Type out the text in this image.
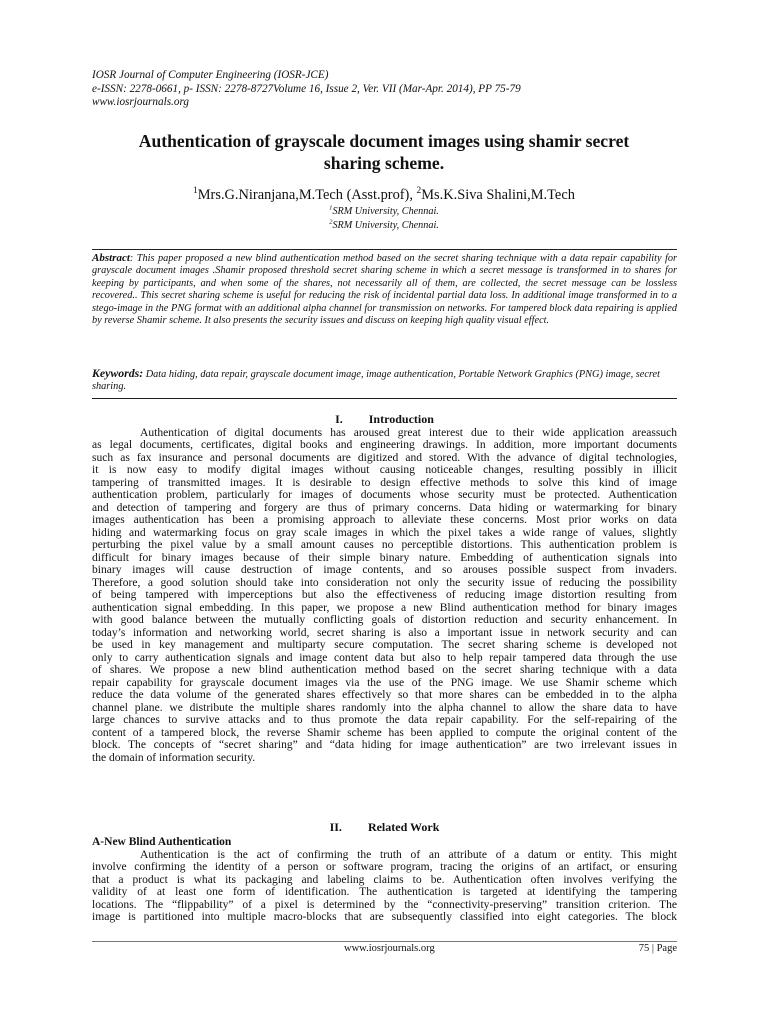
IOSR Journal of Computer Engineering (IOSR-JCE)
e-ISSN: 2278-0661, p- ISSN: 2278-8727Volume 16, Issue 2, Ver. VII (Mar-Apr. 2014), PP 75-79
www.iosrjournals.org
Authentication of grayscale document images using shamir secret
sharing scheme.
$^1$Mrs.G.Niranjana,M.Tech (Asst.prof), $^2$Ms.K.Siva Shalini,M.Tech
$^1$SRM University, Chennai.
$^2$SRM University, Chennai.
Abstract: This paper proposed a new blind authentication method based on the secret sharing technique with a data repair capability for grayscale document images .Shamir proposed threshold secret sharing scheme in which a secret message is transformed in to shares for keeping by participants, and when some of the shares, not necessarily all of them, are collected, the secret message can be lossless recovered.. This secret sharing scheme is useful for reducing the risk of incidental partial data loss. In additional image transformed in to a stego-image in the PNG format with an additional alpha channel for transmission on networks. For tampered block data repairing is applied by reverse Shamir scheme. It also presents the security issues and discuss on keeping high quality visual effect.
Keywords: Data hiding, data repair, grayscale document image, image authentication, Portable Network Graphics (PNG) image, secret sharing.
I. Introduction
Authentication of digital documents has aroused great interest due to their wide application areassuch
as legal documents, certificates, digital books and engineering drawings. In addition, more important documents
such as fax insurance and personal documents are digitized and stored. With the advance of digital technologies,
it is now easy to modify digital images without causing noticeable changes, resulting possibly in illicit
tampering of transmitted images. It is desirable to design effective methods to solve this kind of image
authentication problem, particularly for images of documents whose security must be protected. Authentication
and detection of tampering and forgery are thus of primary concerns. Data hiding or watermarking for binary
images authentication has been a promising approach to alleviate these concerns. Most prior works on data
hiding and watermarking focus on gray scale images in which the pixel takes a wide range of values, slightly
perturbing the pixel value by a small amount causes no perceptible distortions. This authentication problem is
difficult for binary images because of their simple binary nature. Embedding of authentication signals into
binary images will cause destruction of image contents, and so arouses possible suspect from invaders.
Therefore, a good solution should take into consideration not only the security issue of reducing the possibility
of being tampered with imperceptions but also the effectiveness of reducing image distortion resulting from
authentication signal embedding. In this paper, we propose a new Blind authentication method for binary images
with good balance between the mutually conflicting goals of distortion reduction and security enhancement. In
today’s information and networking world, secret sharing is also a important issue in network security and can
be used in key management and multiparty secure computation. The secret sharing scheme is developed not
only to carry authentication signals and image content data but also to help repair tampered data through the use
of shares. We propose a new blind authentication method based on the secret sharing technique with a data
repair capability for grayscale document images via the use of the PNG image. We use Shamir scheme which
reduce the data volume of the generated shares effectively so that more shares can be embedded in to the alpha
channel plane. we distribute the multiple shares randomly into the alpha channel to allow the share data to have
large chances to survive attacks and to thus promote the data repair capability. For the self-repairing of the
content of a tampered block, the reverse Shamir scheme has been applied to compute the original content of the
block. The concepts of “secret sharing” and “data hiding for image authentication” are two irrelevant issues in
the domain of information security.
II. Related Work
A-New Blind Authentication
Authentication is the act of confirming the truth of an attribute of a datum or entity. This might
involve confirming the identity of a person or software program, tracing the origins of an artifact, or ensuring
that a product is what its packaging and labeling claims to be. Authentication often involves verifying the
validity of at least one form of identification. The authentication is targeted at identifying the tampering
locations. The “flippability” of a pixel is determined by the “connectivity-preserving” transition criterion. The
image is partitioned into multiple macro-blocks that are subsequently classified into eight categories. The block
www.iosrjournals.org	75 | Page
